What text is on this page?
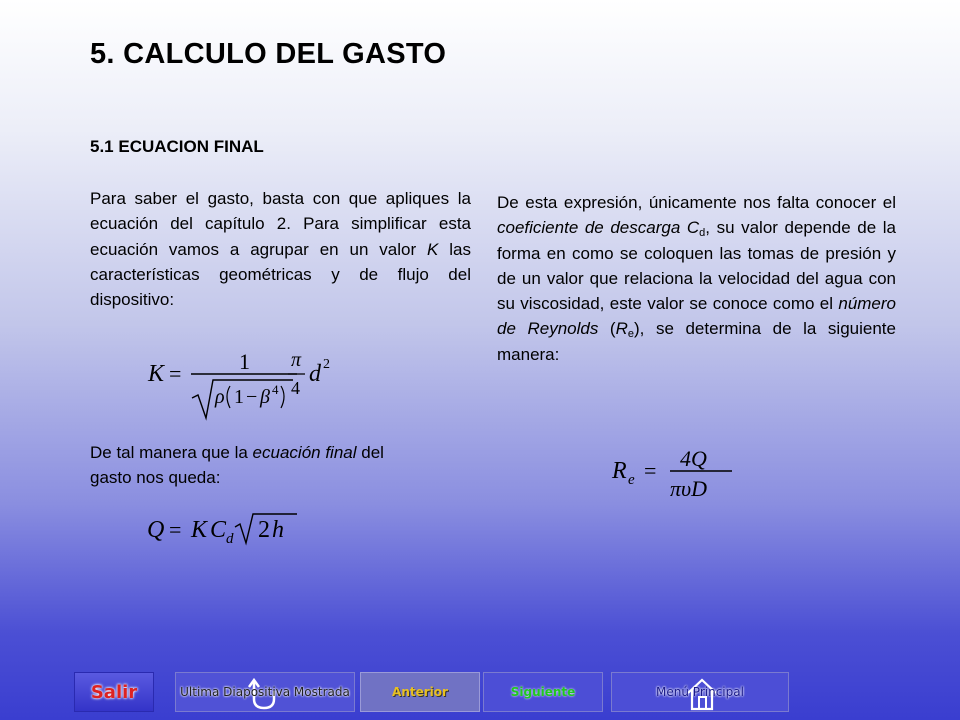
5. CALCULO DEL GASTO
5.1 ECUACION FINAL
Para saber el gasto, basta con que apliques la ecuación del capítulo 2. Para simplificar esta ecuación vamos a agrupar en un valor K las características geométricas y de flujo del dispositivo:
K =	1
ρ 1 − β 4
π
4
d 2
De tal manera que la ecuación final del gasto nos queda:
Q = K C d 2 h
De esta expresión, únicamente nos falta conocer el coeficiente de descarga $C_d$, su valor depende de la forma en como se coloquen las tomas de presión y de un valor que relaciona la velocidad del agua con su viscosidad, este valor se conoce como el número de Reynolds $(R_e)$, se determina de la siguiente manera:
R e = 4Q
πυD
Salir	Ultima Diapositiva Mostrada	Anterior	Siguiente	Menú Principal
